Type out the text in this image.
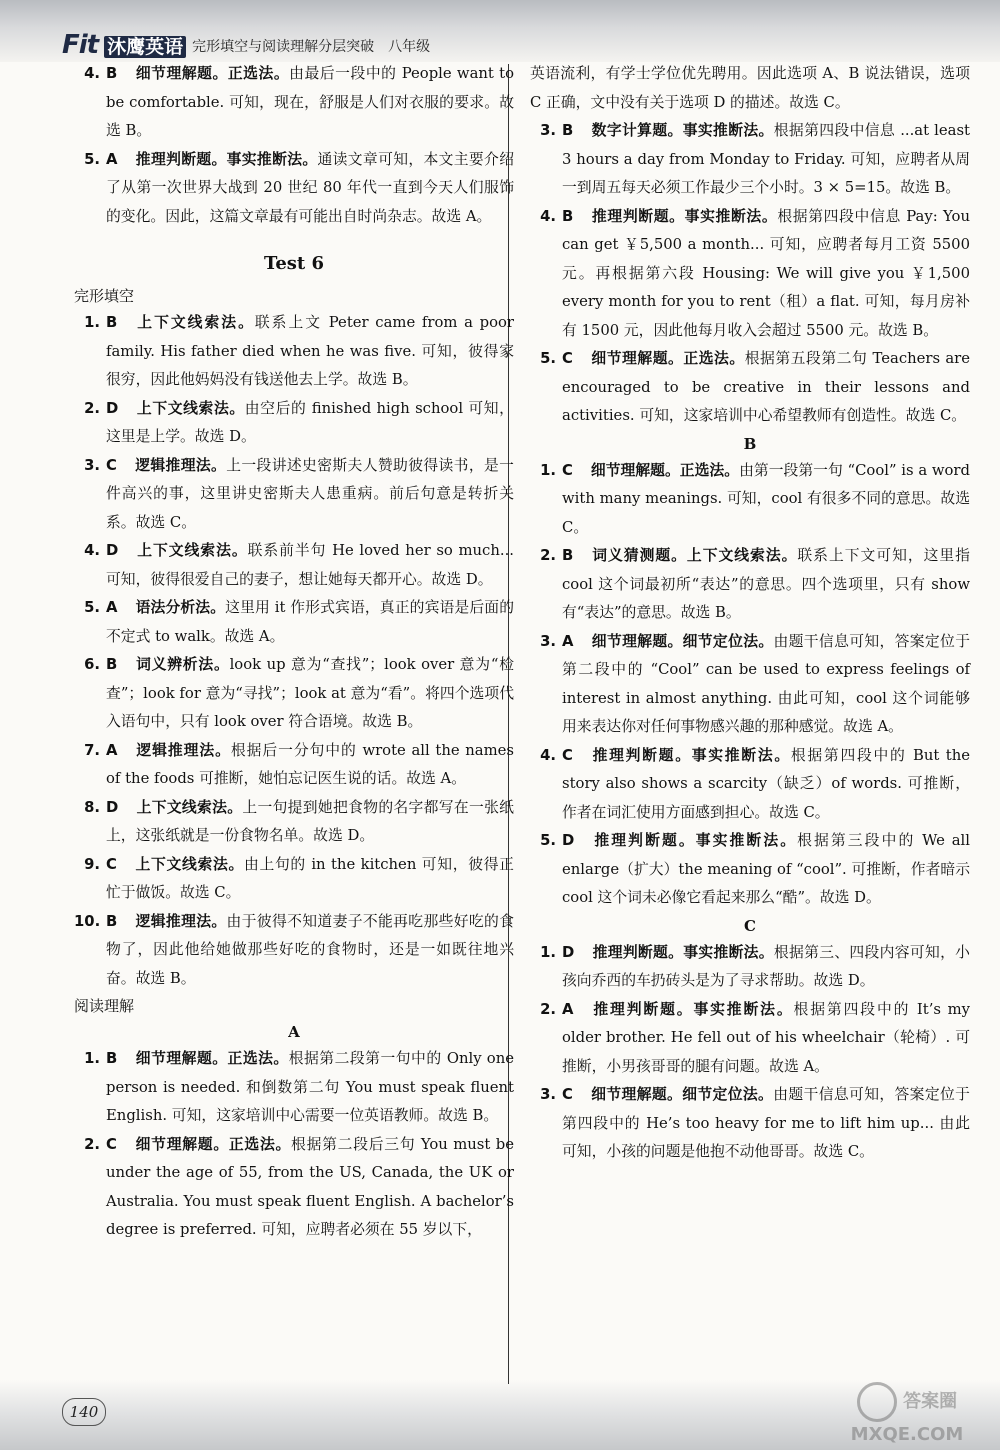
Fit 沐鹰英语 完形填空与阅读理解分层突破　八年级
4. B 细节理解题。正选法。由最后一段中的 People want to be comfortable. 可知，现在，舒服是人们对衣服的要求。故选 B。
5. A 推理判断题。事实推断法。通读文章可知，本文主要介绍了从第一次世界大战到 20 世纪 80 年代一直到今天人们服饰的变化。因此，这篇文章最有可能出自时尚杂志。故选 A。
Test 6
完形填空
1. B 上下文线索法。联系上文 Peter came from a poor family. His father died when he was five. 可知，彼得家很穷，因此他妈妈没有钱送他去上学。故选 B。
2. D 上下文线索法。由空后的 finished high school 可知，这里是上学。故选 D。
3. C 逻辑推理法。上一段讲述史密斯夫人赞助彼得读书，是一件高兴的事，这里讲史密斯夫人患重病。前后句意是转折关系。故选 C。
4. D 上下文线索法。联系前半句 He loved her so much... 可知，彼得很爱自己的妻子，想让她每天都开心。故选 D。
5. A 语法分析法。这里用 it 作形式宾语，真正的宾语是后面的不定式 to walk。故选 A。
6. B 词义辨析法。look up 意为“查找”；look over 意为“检查”；look for 意为“寻找”；look at 意为“看”。将四个选项代入语句中，只有 look over 符合语境。故选 B。
7. A 逻辑推理法。根据后一分句中的 wrote all the names of the foods 可推断，她怕忘记医生说的话。故选 A。
8. D 上下文线索法。上一句提到她把食物的名字都写在一张纸上，这张纸就是一份食物名单。故选 D。
9. C 上下文线索法。由上句的 in the kitchen 可知，彼得正忙于做饭。故选 C。
10. B 逻辑推理法。由于彼得不知道妻子不能再吃那些好吃的食物了，因此他给她做那些好吃的食物时，还是一如既往地兴奋。故选 B。
阅读理解
A
1. B 细节理解题。正选法。根据第二段第一句中的 Only one person is needed. 和倒数第二句 You must speak fluent English. 可知，这家培训中心需要一位英语教师。故选 B。
2. C 细节理解题。正选法。根据第二段后三句 You must be under the age of 55, from the US, Canada, the UK or Australia. You must speak fluent English. A bachelor’s degree is preferred. 可知，应聘者必须在 55 岁以下，

英语流利，有学士学位优先聘用。因此选项 A、B 说法错误，选项 C 正确，文中没有关于选项 D 的描述。故选 C。

3. B 数字计算题。事实推断法。根据第四段中信息 ...at least 3 hours a day from Monday to Friday. 可知，应聘者从周一到周五每天必须工作最少三个小时。3 × 5=15。故选 B。
4. B 推理判断题。事实推断法。根据第四段中信息 Pay: You can get ￥5,500 a month... 可知，应聘者每月工资 5500 元。再根据第六段 Housing: We will give you ￥1,500 every month for you to rent（租）a flat. 可知，每月房补有 1500 元，因此他每月收入会超过 5500 元。故选 B。
5. C 细节理解题。正选法。根据第五段第二句 Teachers are encouraged to be creative in their lessons and activities. 可知，这家培训中心希望教师有创造性。故选 C。
B
1. C 细节理解题。正选法。由第一段第一句 “Cool” is a word with many meanings. 可知，cool 有很多不同的意思。故选 C。
2. B 词义猜测题。上下文线索法。联系上下文可知，这里指 cool 这个词最初所“表达”的意思。四个选项里，只有 show 有“表达”的意思。故选 B。
3. A 细节理解题。细节定位法。由题干信息可知，答案定位于第二段中的 “Cool” can be used to express feelings of interest in almost anything. 由此可知，cool 这个词能够用来表达你对任何事物感兴趣的那种感觉。故选 A。
4. C 推理判断题。事实推断法。根据第四段中的 But the story also shows a scarcity（缺乏）of words. 可推断，作者在词汇使用方面感到担心。故选 C。
5. D 推理判断题。事实推断法。根据第三段中的 We all enlarge（扩大）the meaning of “cool”. 可推断，作者暗示 cool 这个词未必像它看起来那么“酷”。故选 D。
C
1. D 推理判断题。事实推断法。根据第三、四段内容可知，小孩向乔西的车扔砖头是为了寻求帮助。故选 D。
2. A 推理判断题。事实推断法。根据第四段中的 It’s my older brother. He fell out of his wheelchair（轮椅）. 可推断，小男孩哥哥的腿有问题。故选 A。
3. C 细节理解题。细节定位法。由题干信息可知，答案定位于第四段中的 He’s too heavy for me to lift him up... 由此可知，小孩的问题是他抱不动他哥哥。故选 C。
140	答案圈
MXQE.COM
